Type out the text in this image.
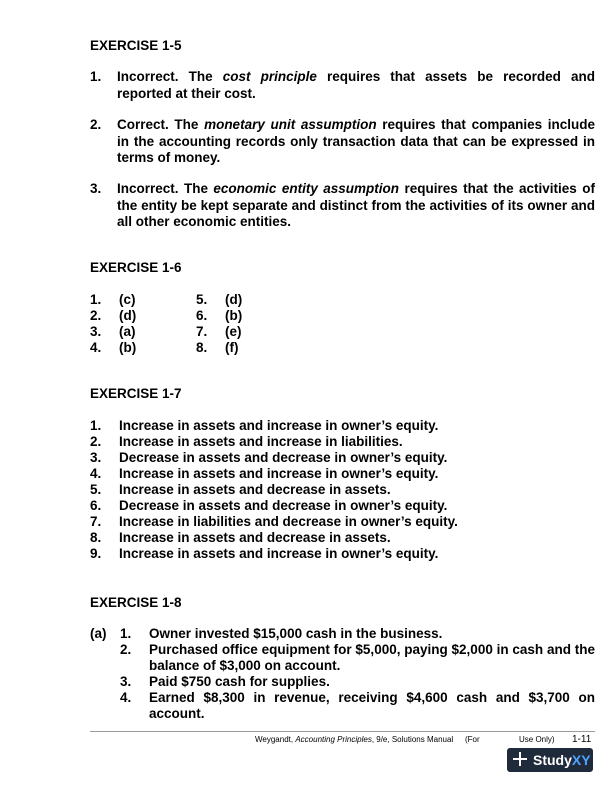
EXERCISE 1-5
1. Incorrect. The cost principle requires that assets be recorded and reported at their cost.
2. Correct. The monetary unit assumption requires that companies include in the accounting records only transaction data that can be expressed in terms of money.
3. Incorrect. The economic entity assumption requires that the activities of the entity be kept separate and distinct from the activities of its owner and all other economic entities.
EXERCISE 1-6
1. (c)	5. (d)
2. (d)	6. (b)
3. (a)	7. (e)
4. (b)	8. (f)
EXERCISE 1-7
1. Increase in assets and increase in owner’s equity.
2. Increase in assets and increase in liabilities.
3. Decrease in assets and decrease in owner’s equity.
4. Increase in assets and increase in owner’s equity.
5. Increase in assets and decrease in assets.
6. Decrease in assets and decrease in owner’s equity.
7. Increase in liabilities and decrease in owner’s equity.
8. Increase in assets and decrease in assets.
9. Increase in assets and increase in owner’s equity.
EXERCISE 1-8
(a) 1. Owner invested $15,000 cash in the business.
2. Purchased office equipment for $5,000, paying $2,000 in cash and the balance of $3,000 on account.
3. Paid $750 cash for supplies.
4. Earned $8,300 in revenue, receiving $4,600 cash and $3,700 on account.
Weygandt, Accounting Principles, 9/e, Solutions Manual (For	Use Only) 1-11
StudyXY
